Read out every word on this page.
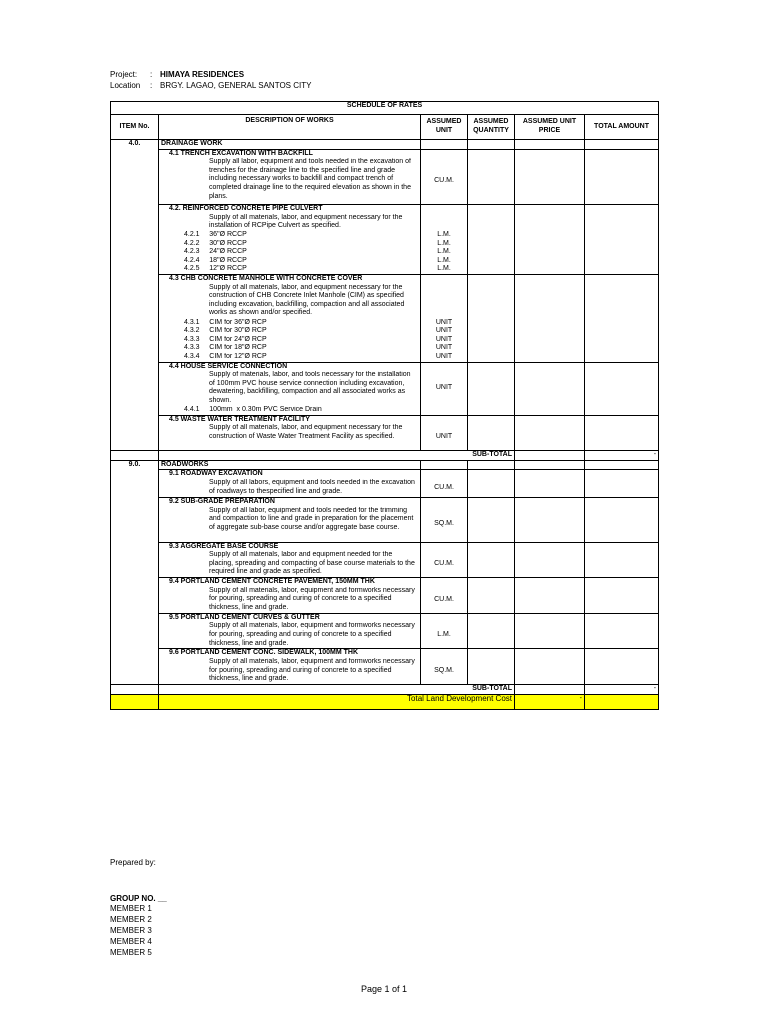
Project: : HIMAYA RESIDENCES
Location : BRGY. LAGAO, GENERAL SANTOS CITY
SCHEDULE OF RATES					
ITEM No.	DESCRIPTION OF WORKS	ASSUMED UNIT	ASSUMED QUANTITY	ASSUMED UNIT PRICE	TOTAL AMOUNT
4.0.	DRAINAGE WORK				
	4.1 TRENCH EXCAVATION WITH BACKFILL				
	Supply all labor, equipment and tools needed in the excavation of trenches for the drainage line to the specified line and grade including necessary works to backfill and compact trench of completed drainage line to the required elevation as shown in the plans.	CU.M.			
	4.2. REINFORCED CONCRETE PIPE CULVERT				
	Supply of all materials, labor, and equipment necessary for the installation of RCPipe Culvert as specified.				
	4.2.1     36"Ø RCCP	L.M.			
	4.2.2     30"Ø RCCP	L.M.			
	4.2.3     24"Ø RCCP	L.M.			
	4.2.4     18"Ø RCCP	L.M.			
	4.2.5     12"Ø RCCP	L.M.			
	4.3 CHB CONCRETE MANHOLE WITH CONCRETE COVER				
	Supply of all materials, labor, and equipment necessary for the construction of CHB Concrete Inlet Manhole (CIM) as specified including excavation, backfilling, compaction and all associated works as shown and/or specified.				
	4.3.1     CIM for 36"Ø RCP	UNIT			
	4.3.2     CIM for 30"Ø RCP	UNIT			
	4.3.3     CIM for 24"Ø RCP	UNIT			
	4.3.3     CIM for 18"Ø RCP	UNIT			
	4.3.4     CIM for 12"Ø RCP	UNIT			
	4.4 HOUSE SERVICE CONNECTION				
	Supply of materials, labor, and tools necessary for the installation of 100mm PVC house service connection including excavation, dewatering, backfilling, compaction and all associated works as shown.	UNIT			
	4.4.1     100mm  x 0.30m PVC Service Drain				
	4.5 WASTE WATER TREATMENT FACILITY				
	Supply of all materials, labor, and equipment necessary for the construction of Waste Water Treatment Facility as specified.	UNIT			
		SUB-TOTAL			-
9.0.	ROADWORKS				
	9.1 ROADWAY EXCAVATION				
	Supply of all labors, equipment and tools needed in the excavation of roadways to thespecified line and grade.	CU.M.			
	9.2 SUB-GRADE PREPARATION				
	Supply of all labor, equipment and tools needed for the trimming and compaction to line and grade in preparation for the placement of aggregate sub-base course and/or aggregate base course.	SQ.M.			
	9.3 AGGREGATE BASE COURSE				
	Supply of all materials, labor and equipment needed for the placing, spreading and compacting of base course materials to the required line and grade as specified.	CU.M.			
	9.4 PORTLAND CEMENT CONCRETE PAVEMENT, 150MM THK				
	Supply of all materials, labor, equipment and formworks necessary for pouring, spreading and curing of concrete to a specified thickness, line and grade.	CU.M.			
	9.5 PORTLAND CEMENT CURVES & GUTTER				
	Supply of all materials, labor, equipment and formworks necessary for pouring, spreading and curing of concrete to a specified thickness, line and grade.	L.M.			
	9.6 PORTLAND CEMENT CONC. SIDEWALK, 100MM THK				
	Supply of all materials, labor, equipment and formworks necessary for pouring, spreading and curing of concrete to a specified thickness, line and grade.	SQ.M.			
		SUB-TOTAL			-
	Total Land Development Cost			-	
Prepared by:
GROUP NO. __
MEMBER 1
MEMBER 2
MEMBER 3
MEMBER 4
MEMBER 5
Page 1 of 1
